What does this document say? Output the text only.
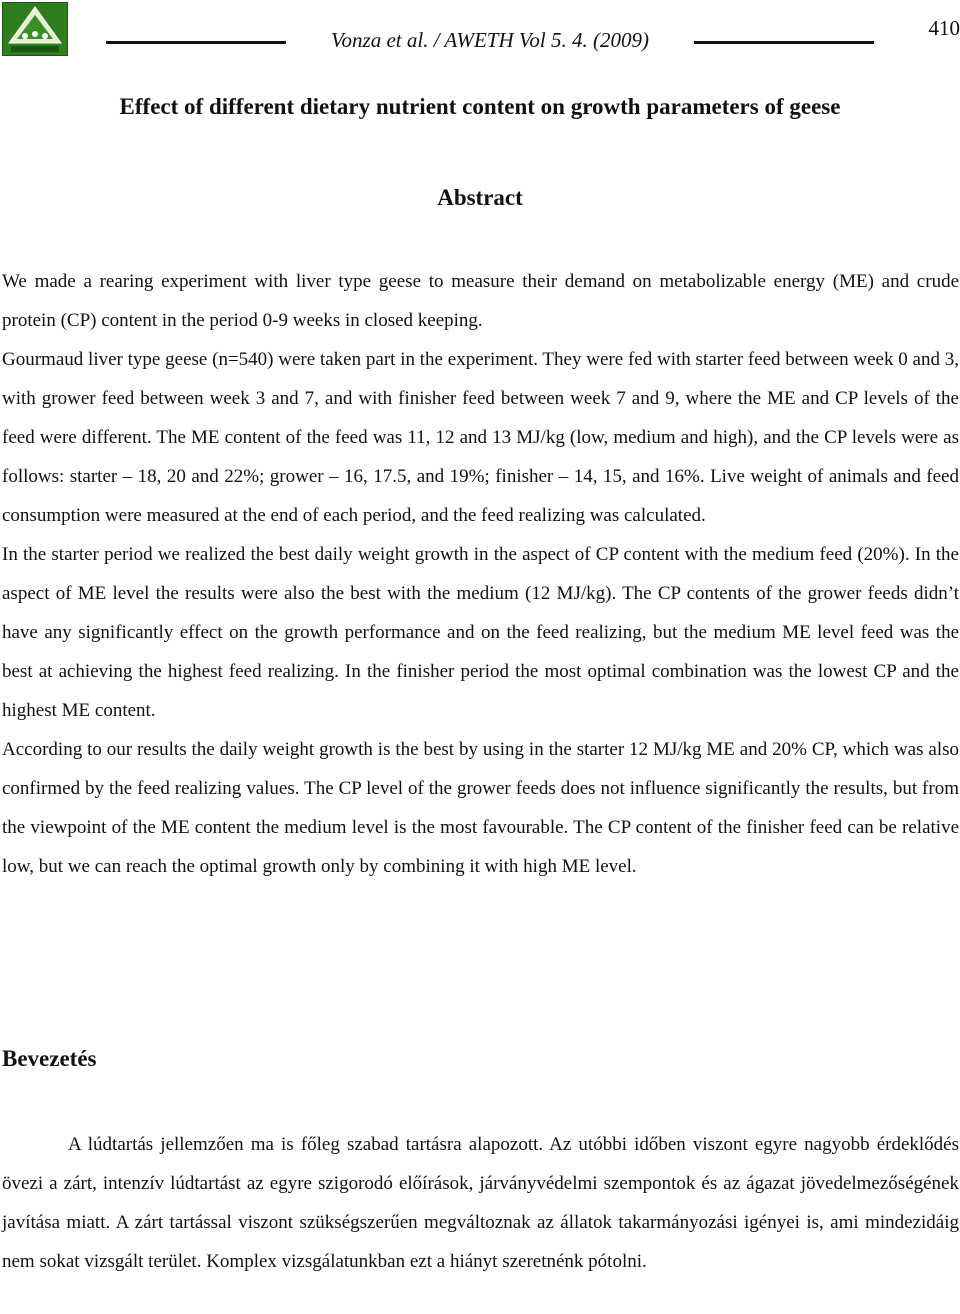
Vonza et al. / AWETH Vol 5. 4. (2009)	410
Effect of different dietary nutrient content on growth parameters of geese
Abstract

We made a rearing experiment with liver type geese to measure their demand on metabolizable energy (ME) and crude protein (CP) content in the period 0-9 weeks in closed keeping.

Gourmaud liver type geese (n=540) were taken part in the experiment. They were fed with starter feed between week 0 and 3, with grower feed between week 3 and 7, and with finisher feed between week 7 and 9, where the ME and CP levels of the feed were different. The ME content of the feed was 11, 12 and 13 MJ/kg (low, medium and high), and the CP levels were as follows: starter – 18, 20 and 22%; grower – 16, 17.5, and 19%; finisher – 14, 15, and 16%. Live weight of animals and feed consumption were measured at the end of each period, and the feed realizing was calculated.

In the starter period we realized the best daily weight growth in the aspect of CP content with the medium feed (20%). In the aspect of ME level the results were also the best with the medium (12 MJ/kg). The CP contents of the grower feeds didn’t have any significantly effect on the growth performance and on the feed realizing, but the medium ME level feed was the best at achieving the highest feed realizing. In the finisher period the most optimal combination was the lowest CP and the highest ME content.

According to our results the daily weight growth is the best by using in the starter 12 MJ/kg ME and 20% CP, which was also confirmed by the feed realizing values. The CP level of the grower feeds does not influence significantly the results, but from the viewpoint of the ME content the medium level is the most favourable. The CP content of the finisher feed can be relative low, but we can reach the optimal growth only by combining it with high ME level.

Bevezetés

A lúdtartás jellemzően ma is főleg szabad tartásra alapozott. Az utóbbi időben viszont egyre nagyobb érdeklődés övezi a zárt, intenzív lúdtartást az egyre szigorodó előírások, járványvédelmi szempontok és az ágazat jövedelmezőségének javítása miatt. A zárt tartással viszont szükségszerűen megváltoznak az állatok takarmányozási igényei is, ami mindezidáig nem sokat vizsgált terület. Komplex vizsgálatunkban ezt a hiányt szeretnénk pótolni.
